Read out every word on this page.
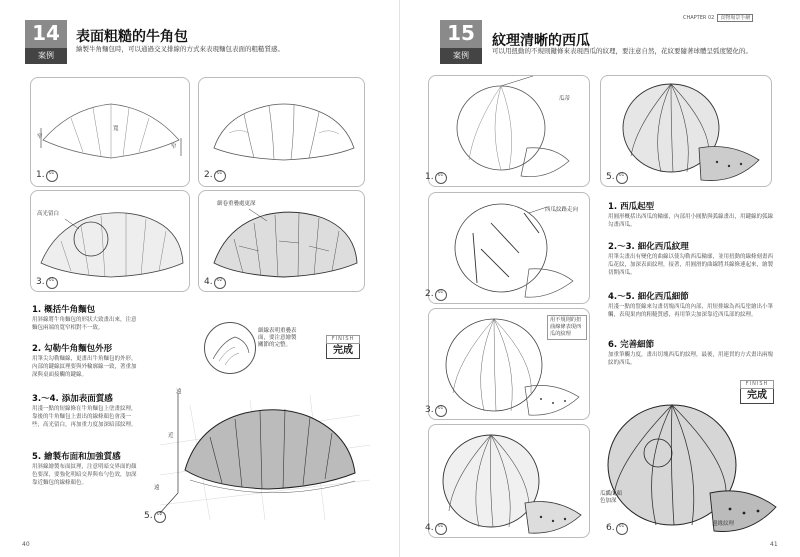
14
案例
表面粗糙的牛角包
繪製牛角麵包時，可以通過交叉排線的方式來表現麵包表面的粗糙質感。
窄
寬
窄
1. 01	2. 01
高光留白
3. 01
細卷重疊處更深
4. 02
1. 概括牛角麵包
用斜線將牛角麵包的形狀大致畫出來，注意麵包兩端的寬窄相對不一致。
2. 勾勒牛角麵包外形
用筆尖勾勒麵線，更畫出牛角麵包的外形，內部的鍵線紋理要與外輪廓線一致，著重加深與桌面接觸的鍵線。
3.～4. 添加表面質感
用淺一點的短線條在牛角麵包上塗畫紋理，靠後的牛角麵包上畫出的線條顏色會淺一些，高光留白，再加重力度加深暗部紋理。
5. 繪製布面和加強質感
用斜線繪製布面紋理，注意明暗交界面的顏色要深，要強化明暗交界與布勻色效，加深靠近麵包的線條顏色。
細線表明重疊表面，要注意繪製關節的完整。
FINISH
完成
遠
近
遠
5. 02
40
CHAPTER 02 食物場景手繪
15
案例
紋理清晰的西瓜
可以用扭動的不規則鍵條來表現西瓜的紋理，要注意自然，花紋要隨著球體呈弧度變化的。
瓜蒂
1. 01	5. 01
西瓜紋路走向
2. 01
用不規則的扭曲線條表現西瓜的紋理
3. 01
4. 01
1. 西瓜起型
用圓形概括出西瓜的輪廓，內部用小圓點與弧線畫出，用鍵線的弧線勾畫西瓜。
2.～3. 細化西瓜紋理
用筆尖畫出有變化的曲線以使勾勒西瓜輪廓，並用扭動的線條刻畫西瓜花紋，加深表面紋理，接著，用圓滑的曲線將其線條連起來，繪製切開西瓜。
4.～5. 細化西瓜細節
用淺一點的豎線來勾畫切塊西瓜的內部，用短排線為西瓜塗繪出小筆觸，表現果肉的粗糙質感，再用筆尖加深靠近西瓜部的紋理。
6. 完善細節
加重筆觸力度，畫出切塊西瓜的紋理，最後，用連貫的方式畫出兩塊紋的西瓜。
FINISH
完成
瓜瓤的顏色加深
邊緣紋理
6. 01
41
